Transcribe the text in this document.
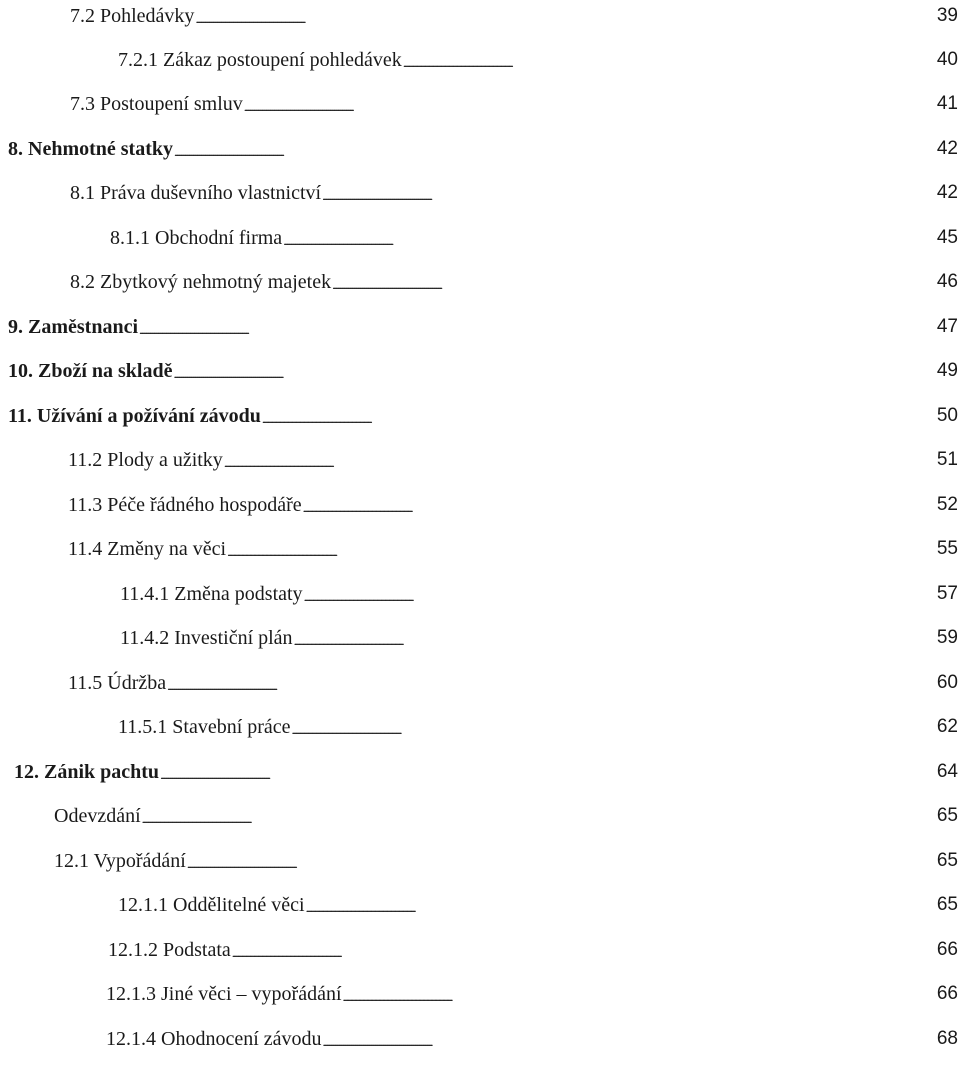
7.2 Pohledávky . . .	39
7.2.1 Zákaz postoupení pohledávek . . .	40
7.3 Postoupení smluv . . .	41
8. Nehmotné statky . . .	42
8.1 Práva duševního vlastnictví . . .	42
8.1.1 Obchodní firma . . .	45
8.2 Zbytkový nehmotný majetek . . .	46
9. Zaměstnanci . . .	47
10. Zboží na skladě . . .	49
11. Užívání a požívání závodu . . .	50
11.2 Plody a užitky . . .	51
11.3 Péče řádného hospodáře . . .	52
11.4 Změny na věci . . .	55
11.4.1 Změna podstaty . . .	57
11.4.2 Investiční plán . . .	59
11.5 Údržba . . .	60
11.5.1 Stavební práce . . .	62
12. Zánik pachtu . . .	64
Odevzdání . . .	65
12.1 Vypořádání . . .	65
12.1.1 Oddělitelné věci . . .	65
12.1.2 Podstata . . .	66
12.1.3 Jiné věci – vypořádání . . .	66
12.1.4 Ohodnocení závodu . . .	68
